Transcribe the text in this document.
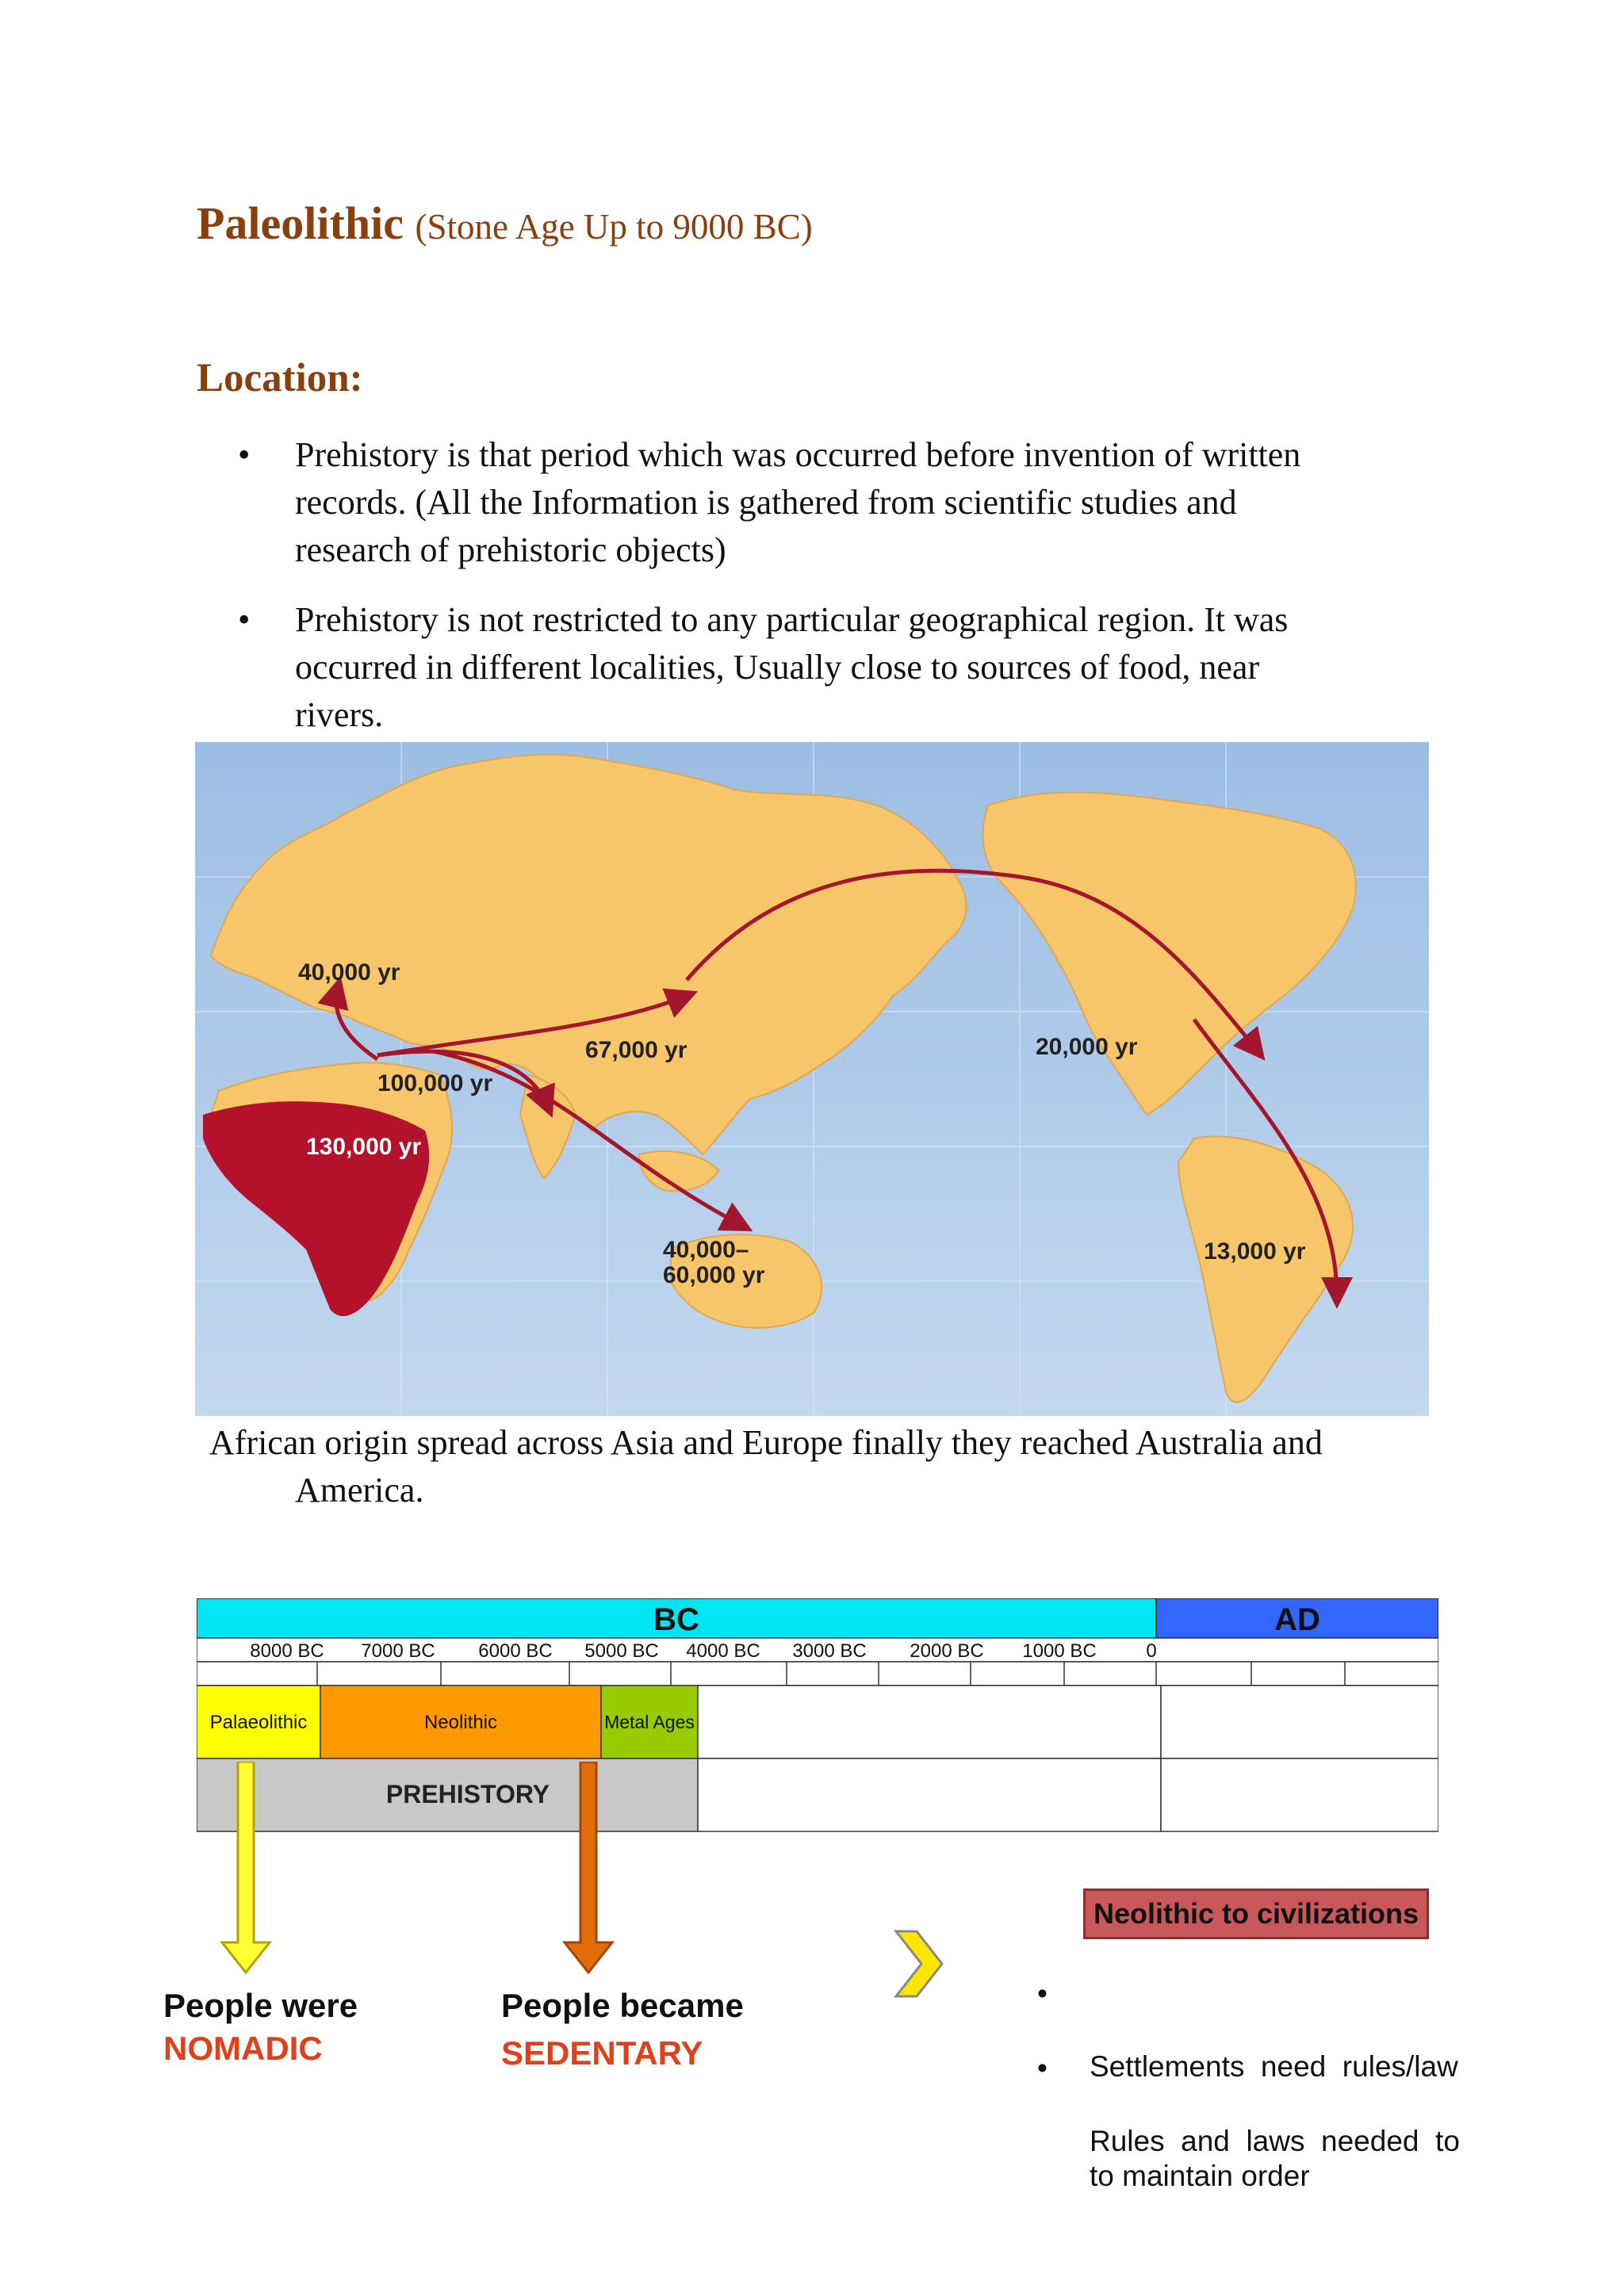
Paleolithic (Stone Age Up to 9000 BC)
Location:
• Prehistory is that period which was occurred before invention of written
records. (All the Information is gathered from scientific studies and
research of prehistoric objects)
• Prehistory is not restricted to any particular geographical region. It was
occurred in different localities, Usually close to sources of food, near
rivers.
40,000 yr
67,000 yr
100,000 yr
130,000 yr
20,000 yr
40,000–
60,000 yr
13,000 yr
African origin spread across Asia and Europe finally they reached Australia and
America.
BC	AD
8000 BC 7000 BC 6000 BC 5000 BC 4000 BC 3000 BC 2000 BC 1000 BC	0
Palaeolithic	Neolithic	Metal Ages
PREHISTORY
People were
NOMADIC
People became
SEDENTARY
Neolithic to civilizations
•

Settlements  need  rules/law

to maintain order

•

Rules  and  laws  needed  to
